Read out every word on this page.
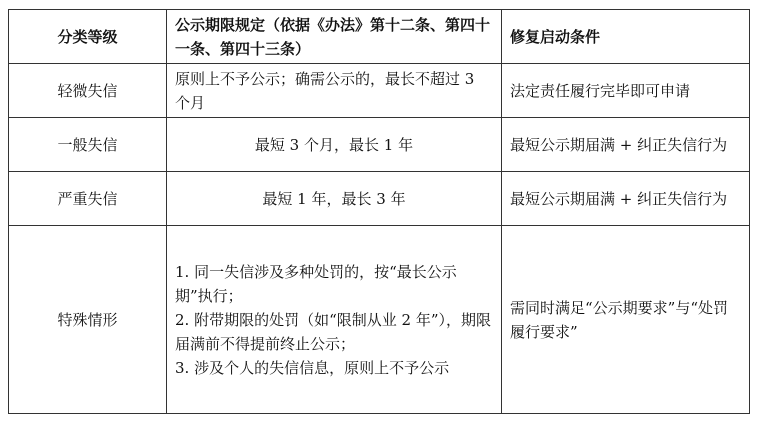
分类等级	公示期限规定（依据《办法》第十二条、第四十一条、第四十三条）	修复启动条件
轻微失信	原则上不予公示；确需公示的，最长不超过 3 个月	法定责任履行完毕即可申请
一般失信	最短 3 个月，最长 1 年	最短公示期届满 + 纠正失信行为
严重失信	最短 1 年，最长 3 年	最短公示期届满 + 纠正失信行为
特殊情形	1. 同一失信涉及多种处罚的，按“最长公示期”执行；
2. 附带期限的处罚（如“限制从业 2 年”），期限届满前不得提前终止公示；
3. 涉及个人的失信信息，原则上不予公示	需同时满足“公示期要求”与“处罚履行要求”
